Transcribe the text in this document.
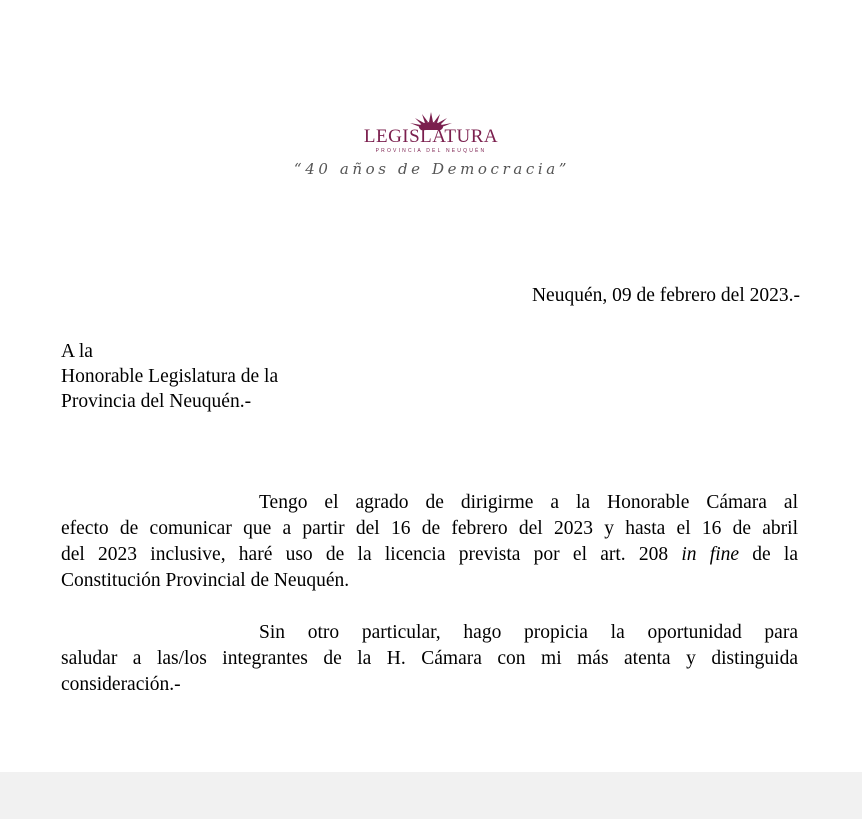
LEGISLATURA
PROVINCIA DEL NEUQUÉN
“40 años de Democracia”
Neuquén, 09 de febrero del 2023.-
A la
Honorable Legislatura de la
Provincia del Neuquén.-
Tengo el agrado de dirigirme a la Honorable Cámara al
efecto de comunicar que a partir del 16 de febrero del 2023 y hasta el 16 de abril
del 2023 inclusive, haré uso de la licencia prevista por el art. 208 in fine de la
Constitución Provincial de Neuquén.
Sin otro particular, hago propicia la oportunidad para
saludar a las/los integrantes de la H. Cámara con mi más atenta y distinguida
consideración.-
